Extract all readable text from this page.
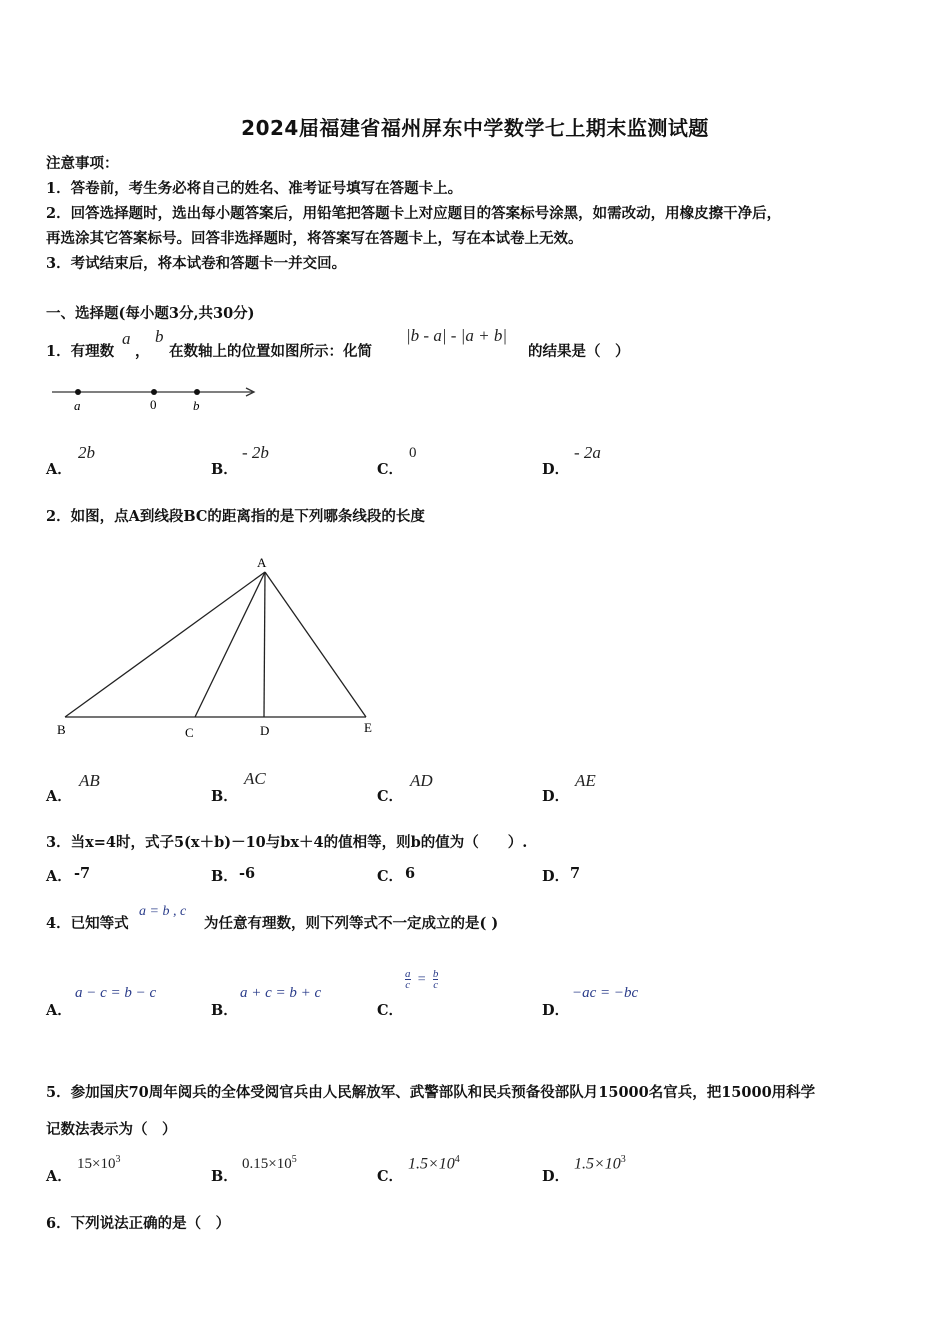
2024届福建省福州屏东中学数学七上期末监测试题
注意事项：
1．答卷前，考生务必将自己的姓名、准考证号填写在答题卡上。
2．回答选择题时，选出每小题答案后，用铅笔把答题卡上对应题目的答案标号涂黑，如需改动，用橡皮擦干净后，
再选涂其它答案标号。回答非选择题时，将答案写在答题卡上，写在本试卷上无效。
3．考试结束后，将本试卷和答题卡一并交回。
一、选择题(每小题3分,共30分)
1．有理数
a
，
b
在数轴上的位置如图所示：化简
|b - a| - |a + b|
的结果是（　）
a	0	b
A．
2b
B．
- 2b
C．
0
D．
- 2a
2．如图，点A到线段BC的距离指的是下列哪条线段的长度
A
B	C	D	E
A．
AB
B．
AC
C．
AD
D．
AE
3．当x=4时，式子5(x＋b)－10与bx＋4的值相等，则b的值为（　　）.
A． -7	B． -6	C． 6	D． 7
4．已知等式
a = b , c
为任意有理数，则下列等式不一定成立的是( )
A．
a − c = b − c
B．
a + c = b + c
C．
$\frac{a}{c} = \frac{b}{c}$
D．
−ac = −bc
5．参加国庆70周年阅兵的全体受阅官兵由人民解放军、武警部队和民兵预备役部队月15000名官兵，把15000用科学
记数法表示为（　）
A．
$15\times 10^3$
B．
$0.15\times 10^5$
C．
$1.5\times 10^4$
D．
$1.5\times 10^3$
6．下列说法正确的是（　）
